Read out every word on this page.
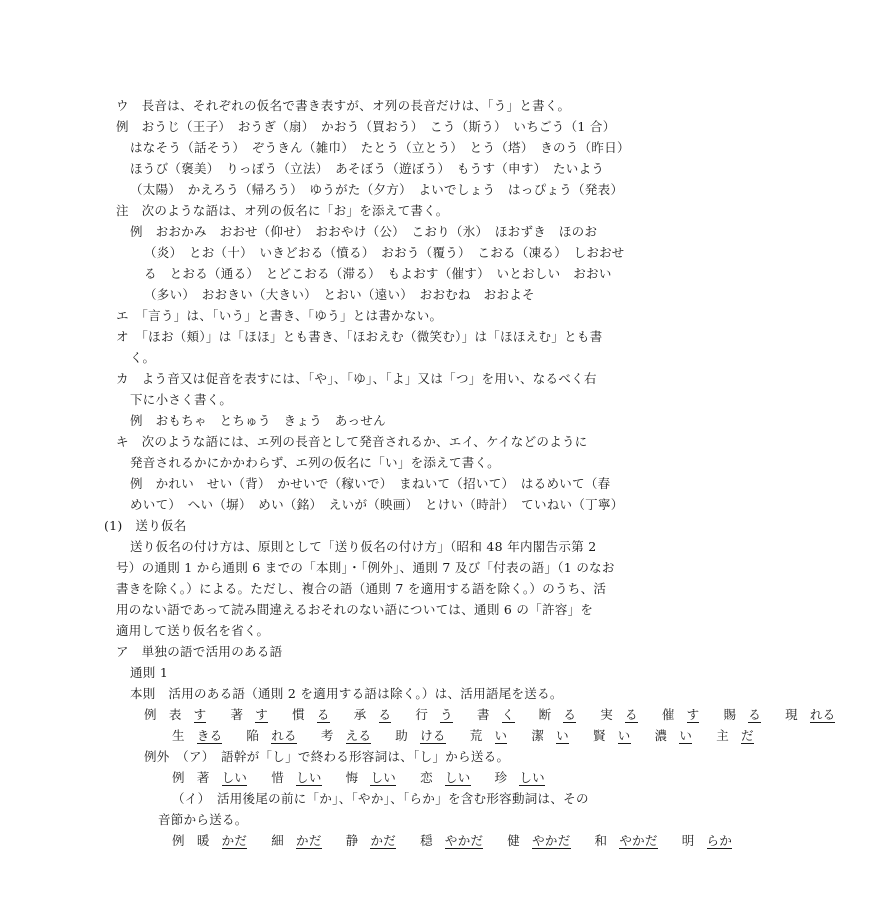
ウ　長音は、それぞれの仮名で書き表すが、オ列の長音だけは、「う」と書く。
例　おうじ（王子）　おうぎ（扇）　かおう（買おう）　こう（斯う）　いちごう（1 合）
はなそう（話そう）　ぞうきん（雑巾）　たとう（立とう）　とう（塔）　きのう（昨日）
ほうび（褒美）　りっぽう（立法）　あそぼう（遊ぼう）　もうす（申す）　たいよう
（太陽）　かえろう（帰ろう）　ゆうがた（夕方）　よいでしょう　はっぴょう（発表）
注　次のような語は、オ列の仮名に「お」を添えて書く。
例　おおかみ　おおせ（仰せ）　おおやけ（公）　こおり（氷）　ほおずき　ほのお
（炎）　とお（十）　いきどおる（憤る）　おおう（覆う）　こおる（凍る）　しおおせ
る　とおる（通る）　とどこおる（滞る）　もよおす（催す）　いとおしい　おおい
（多い）　おおきい（大きい）　とおい（遠い）　おおむね　おおよそ
エ　「言う」は、「いう」と書き、「ゆう」とは書かない。
オ　「ほお（頬）」は「ほほ」とも書き、「ほおえむ（微笑む）」は「ほほえむ」とも書
く。
カ　よう音又は促音を表すには、「や」、「ゆ」、「よ」又は「つ」を用い、なるべく右
下に小さく書く。
例　おもちゃ　とちゅう　きょう　あっせん
キ　次のような語には、エ列の長音として発音されるか、エイ、ケイなどのように
発音されるかにかかわらず、エ列の仮名に「い」を添えて書く。
例　かれい　せい（背）　かせいで（稼いで）　まねいて（招いて）　はるめいて（春
めいて）　へい（塀）　めい（銘）　えいが（映画）　とけい（時計）　ていねい（丁寧）
(1)　送り仮名
送り仮名の付け方は、原則として「送り仮名の付け方」（昭和 48 年内閣告示第 2
号）の通則 1 から通則 6 までの「本則」・「例外」、通則 7 及び「付表の語」（1 のなお
書きを除く。）による。ただし、複合の語（通則 7 を適用する語を除く。）のうち、活
用のない語であって読み間違えるおそれのない語については、通則 6 の「許容」を
適用して送り仮名を省く。
ア　単独の語で活用のある語
通則 1
本則　活用のある語（通則 2 を適用する語は除く。）は、活用語尾を送る。
例 表 す 著 す 慣 る 承 る 行 う 書 く 断 る 実 る 催 す 賜 る 現 れる
生 きる 陥 れる 考 える 助 ける 荒 い 潔 い 賢 い 濃 い 主 だ
例外　（ア）　語幹が「し」で終わる形容詞は、「し」から送る。
例 著 しい 惜 しい 悔 しい 恋 しい 珍 しい
（イ）　活用後尾の前に「か」、「やか」、「らか」を含む形容動詞は、その
音節から送る。
例 暖 かだ 細 かだ 静 かだ 穏 やかだ 健 やかだ 和 やかだ 明 らか
